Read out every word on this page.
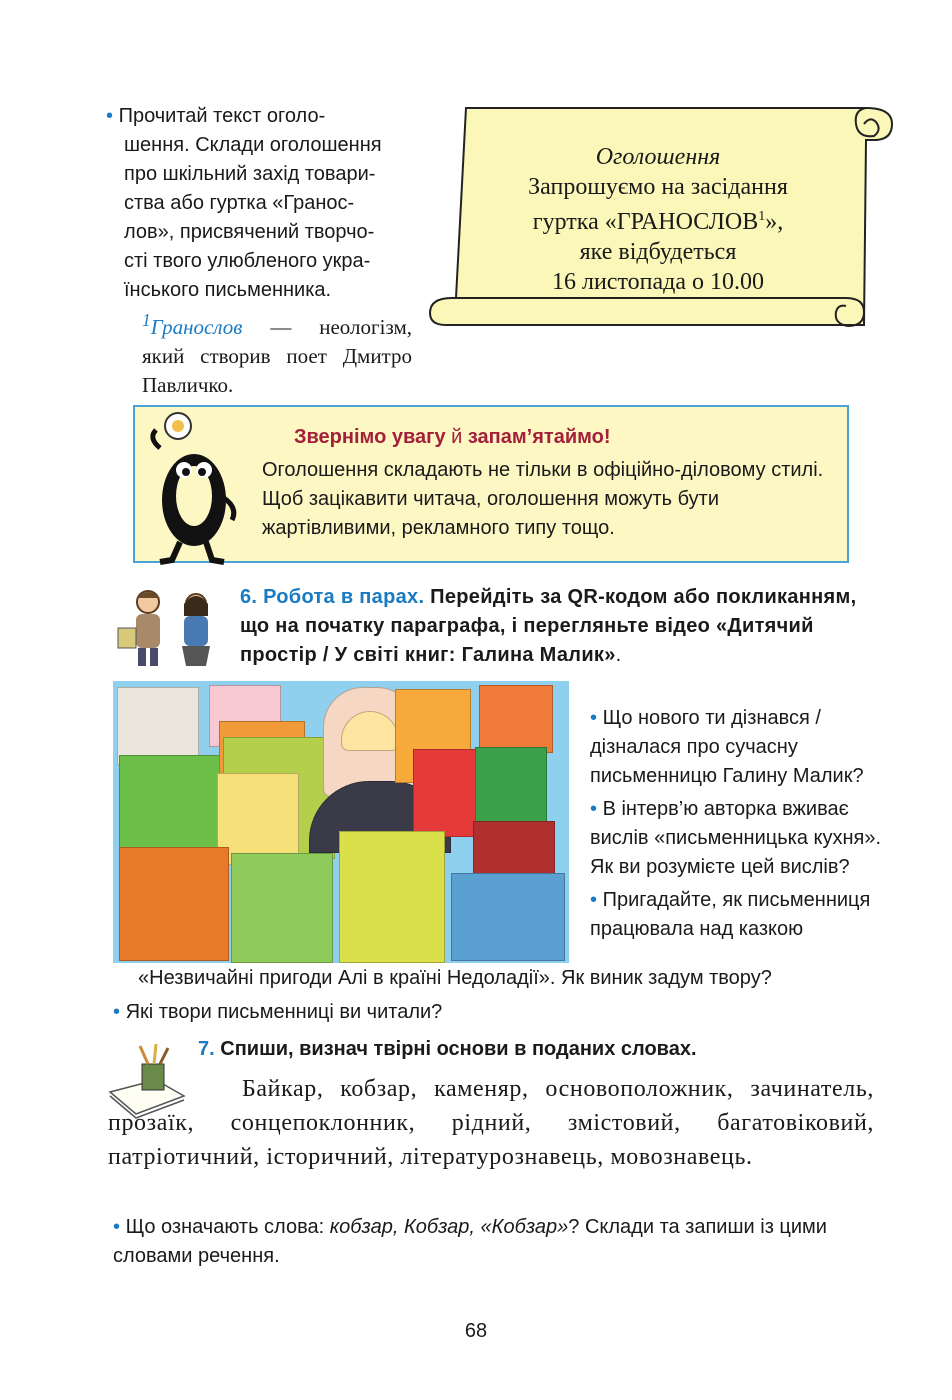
• Прочитай текст оголо-
шення. Склади оголошення
про шкільний захід товари-
ства або гуртка «Гранос-
лов», присвячений творчо-
сті твого улюбленого укра-
їнського письменника.
$^1$Гранослов — неологізм, який створив поет Дмитро Павличко.
Оголошення
Запрошуємо на засідання
гуртка «ГРАНОСЛОВ$^1$»,
яке відбудеться
16 листопада о 10.00
Звернімо увагу й запам’ятаймо!
Оголошення складають не тільки в офіційно-діловому стилі. Щоб зацікавити читача, оголошення можуть бути жартівливими, рекламного типу тощо.
6. Робота в парах. Перейдіть за QR-кодом або покликанням, що на початку параграфа, і перегляньте відео «Дитячий простір / У світі книг: Галина Малик».
• Що нового ти дізнався / дізналася про сучасну письменницю Галину Малик?
• В інтерв’ю авторка вживає вислів «письменницька кухня». Як ви розумієте цей вислів?
• Пригадайте, як письменниця працювала над казкою
«Незвичайні пригоди Алі в країні Недоладії». Як виник задум твору?
• Які твори письменниці ви читали?
7. Спиши, визнач твірні основи в поданих словах.
Байкар, кобзар, каменяр, основоположник, зачинатель, прозаїк, сонцепоклонник, рідний, змістовий, багатовіковий, патріотичний, історичний, літературознавець, мовознавець.
• Що означають слова: кобзар, Кобзар, «Кобзар»? Склади та запиши із цими словами речення.
68
